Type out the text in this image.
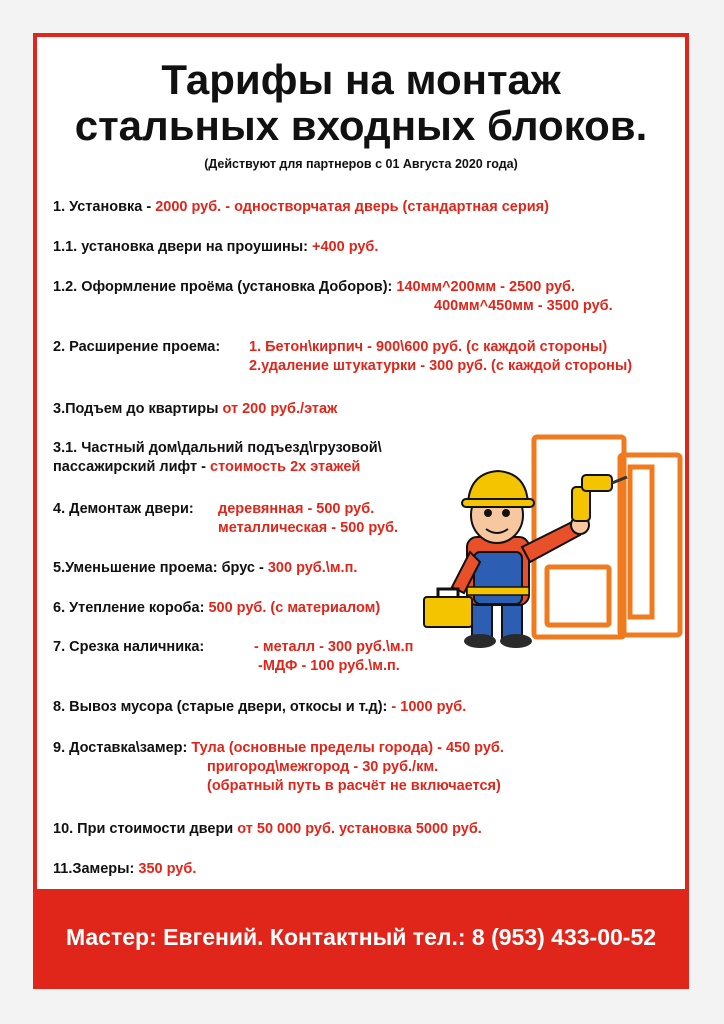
Тарифы на монтаж
стальных входных блоков.
(Действуют для партнеров с 01 Августа 2020 года)
1. Установка - 2000 руб. - одностворчатая дверь (стандартная серия)
1.1. установка двери на проушины: +400 руб.
1.2. Оформление проёма (установка Доборов): 140мм^200мм - 2500 руб.
400мм^450мм - 3500 руб.
2. Расширение проема: 1. Бетон\кирпич - 900\600 руб. (с каждой стороны)
2.удаление штукатурки - 300 руб. (с каждой стороны)
3.Подъем до квартиры от 200 руб./этаж
3.1. Частный дом\дальний подъезд\грузовой\
пассажирский лифт - стоимость 2х этажей
4. Демонтаж двери: деревянная - 500 руб.
металлическая - 500 руб.
5.Уменьшение проема: брус - 300 руб.\м.п.
6. Утепление короба: 500 руб. (с материалом)
7. Срезка наличника:	- металл - 300 руб.\м.п
-МДФ - 100 руб.\м.п.
8. Вывоз мусора (старые двери, откосы и т.д): - 1000 руб.
9. Доставка\замер: Тула (основные пределы города) - 450 руб.
пригород\межгород - 30 руб./км.
(обратный путь в расчёт не включается)
10. При стоимости двери от 50 000 руб. установка 5000 руб.
11.Замеры: 350 руб.
Мастер: Евгений. Контактный тел.: 8 (953) 433-00-52
